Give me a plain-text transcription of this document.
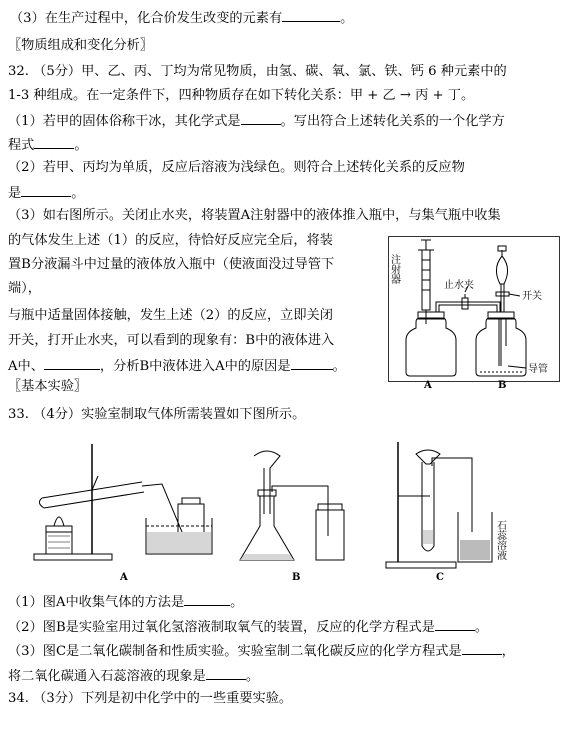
（3）在生产过程中，化合价发生改变的元素有	。
〖物质组成和变化分析〗
32. （5分）甲、乙、丙、丁均为常见物质，由氢、碳、氧、氯、铁、钙 6 种元素中的
1-3 种组成。在一定条件下，四种物质存在如下转化关系：甲 + 乙 → 丙 + 丁。
（1）若甲的固体俗称干冰，其化学式是	。写出符合上述转化关系的一个化学方
程式	。
（2）若甲、丙均为单质，反应后溶液为浅绿色。则符合上述转化关系的反应物
是	。
（3）如右图所示。关闭止水夹，将装置A注射器中的液体推入瓶中，与集气瓶中收集
的气体发生上述（1）的反应，待恰好反应完全后，将装
置B分液漏斗中过量的液体放入瓶中（使液面没过导管下
端），
与瓶中适量固体接触，发生上述（2）的反应，立即关闭
开关，打开止水夹，可以看到的现象有：B中的液体进入
A中、	，分析B中液体进入A中的原因是	。
〖基本实验〗
33. （4分）实验室制取气体所需装置如下图所示。
（1）图A中收集气体的方法是	。
（2）图B是实验室用过氧化氢溶液制取氧气的装置，反应的化学方程式是	。
（3）图C是二氧化碳制备和性质实验。实验室制二氧化碳反应的化学方程式是	，
将二氧化碳通入石蕊溶液的现象是	。
34. （3分）下列是初中化学中的一些重要实验。
注射器
止水夹
开关
导管
A	B
A	B	C
石蕊溶液
